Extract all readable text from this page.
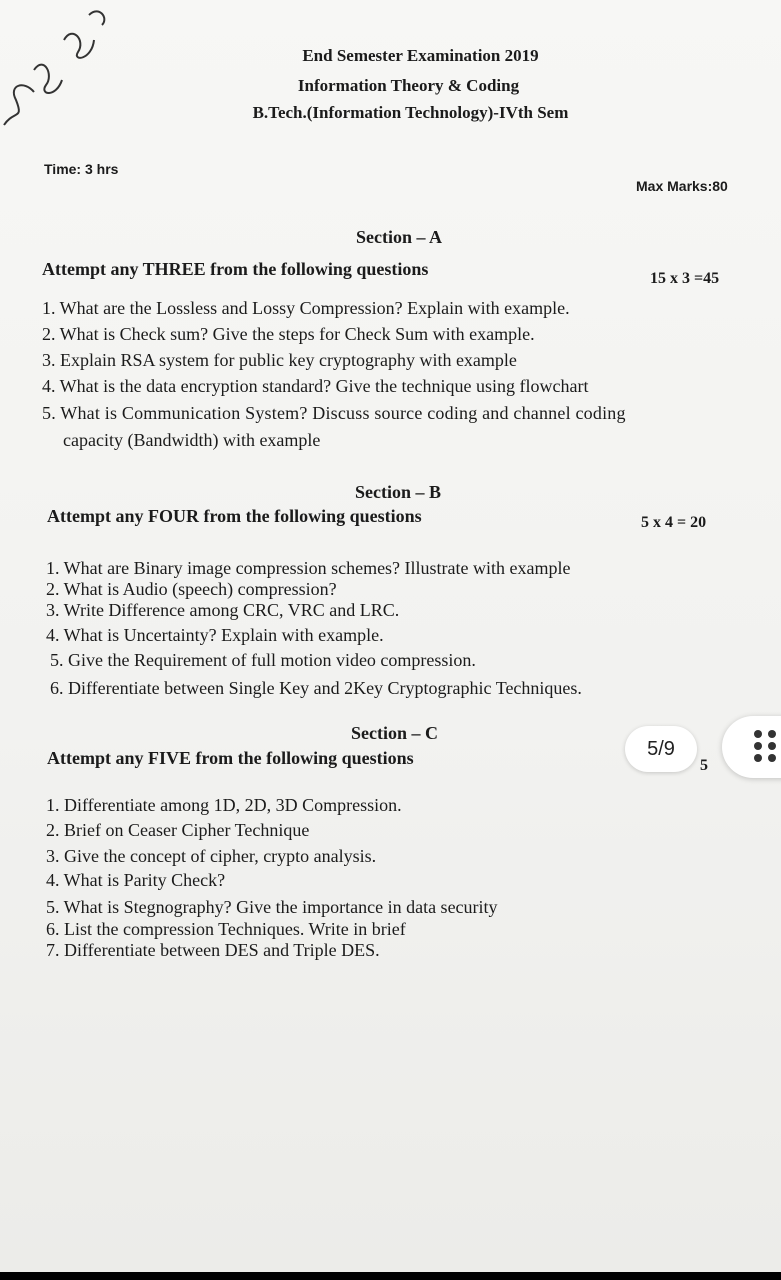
End Semester Examination 2019
Information Theory & Coding
B.Tech.(Information Technology)-IVth Sem
Time: 3 hrs
Max Marks:80
Section – A
Attempt any THREE from the following questions	15 x 3 =45
1. What are the Lossless and Lossy Compression? Explain with example.
2. What is Check sum? Give the steps for Check Sum with example.
3. Explain RSA system for public key cryptography with example
4. What is the data encryption standard? Give the technique using flowchart
5. What is Communication System? Discuss source coding and channel coding
capacity (Bandwidth) with example
Section – B
Attempt any FOUR from the following questions	5 x 4 = 20
1. What are Binary image compression schemes? Illustrate with example
2. What is Audio (speech) compression?
3. Write Difference among CRC, VRC and LRC.
4. What is Uncertainty? Explain with example.
5. Give the Requirement of full motion video compression.
6. Differentiate between Single Key and 2Key Cryptographic Techniques.
Section – C
Attempt any FIVE from the following questions	5
1. Differentiate among 1D, 2D, 3D Compression.
2. Brief on Ceaser Cipher Technique
3. Give the concept of cipher, crypto analysis.
4. What is Parity Check?
5. What is Stegnography? Give the importance in data security
6. List the compression Techniques. Write in brief
7. Differentiate between DES and Triple DES.
5/9
